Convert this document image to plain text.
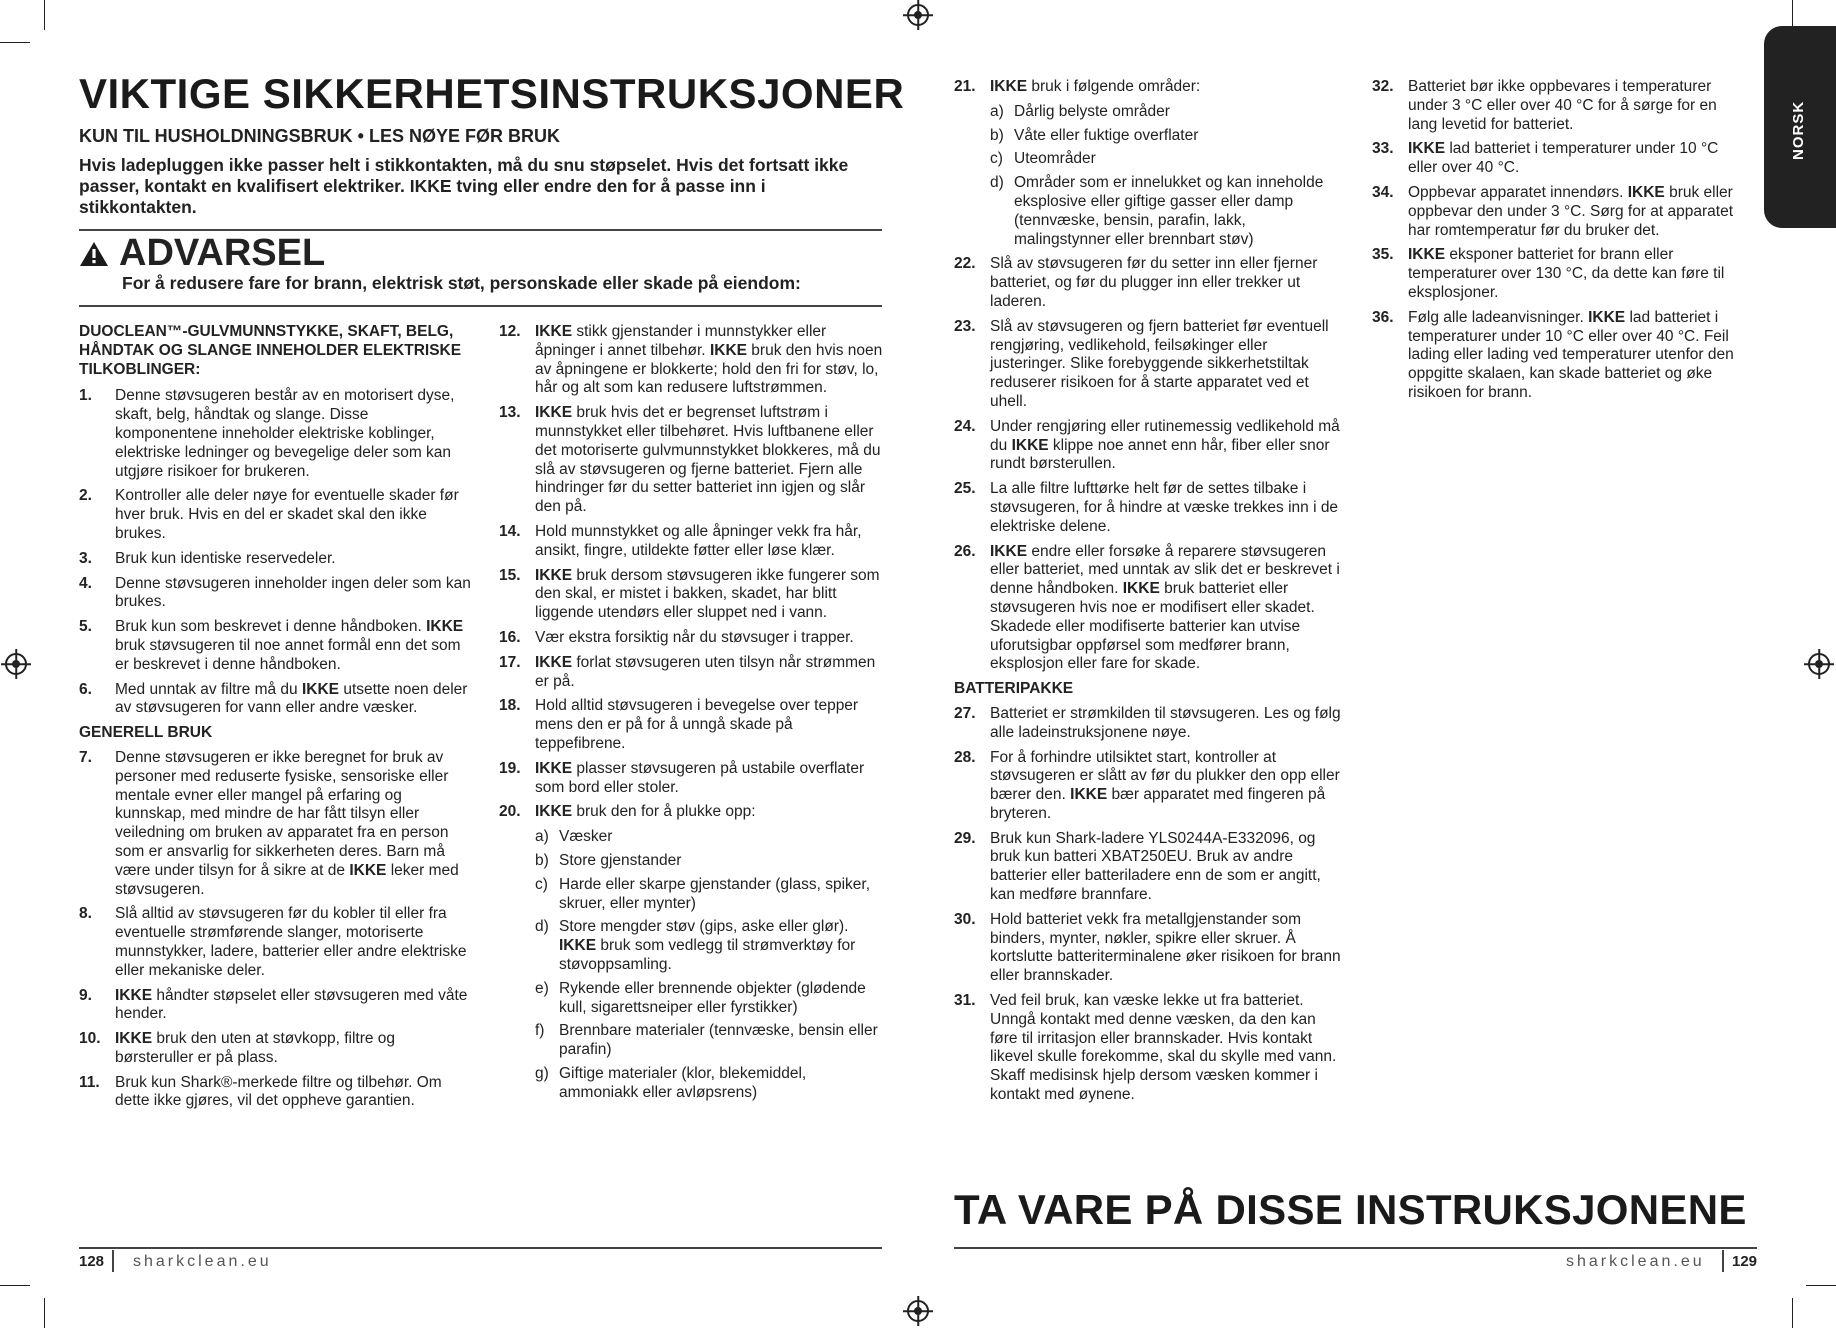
NORSK
VIKTIGE SIKKERHETSINSTRUKSJONER
KUN TIL HUSHOLDNINGSBRUK • LES NØYE FØR BRUK
Hvis ladepluggen ikke passer helt i stikkontakten, må du snu støpselet. Hvis det fortsatt ikke passer, kontakt en kvalifisert elektriker. IKKE tving eller endre den for å passe inn i stikkontakten.
ADVARSEL
For å redusere fare for brann, elektrisk støt, personskade eller skade på eiendom:
DUOCLEAN™-GULVMUNNSTYKKE, SKAFT, BELG, HÅNDTAK OG SLANGE INNEHOLDER ELEKTRISKE TILKOBLINGER:
1.	Denne støvsugeren består av en motorisert dyse, skaft, belg, håndtak og slange. Disse komponentene inneholder elektriske koblinger, elektriske ledninger og bevegelige deler som kan utgjøre risikoer for brukeren.
2.	Kontroller alle deler nøye for eventuelle skader før hver bruk. Hvis en del er skadet skal den ikke brukes.
3.	Bruk kun identiske reservedeler.
4.	Denne støvsugeren inneholder ingen deler som kan brukes.
5.	Bruk kun som beskrevet i denne håndboken. IKKE bruk støvsugeren til noe annet formål enn det som er beskrevet i denne håndboken.
6.	Med unntak av filtre må du IKKE utsette noen deler av støvsugeren for vann eller andre væsker.
GENERELL BRUK
7.	Denne støvsugeren er ikke beregnet for bruk av personer med reduserte fysiske, sensoriske eller mentale evner eller mangel på erfaring og kunnskap, med mindre de har fått tilsyn eller veiledning om bruken av apparatet fra en person som er ansvarlig for sikkerheten deres. Barn må være under tilsyn for å sikre at de IKKE leker med støvsugeren.
8.	Slå alltid av støvsugeren før du kobler til eller fra eventuelle strømførende slanger, motoriserte munnstykker, ladere, batterier eller andre elektriske eller mekaniske deler.
9.	IKKE håndter støpselet eller støvsugeren med våte hender.
10. IKKE bruk den uten at støvkopp, filtre og børsteruller er på plass.
11. Bruk kun Shark®-merkede filtre og tilbehør. Om dette ikke gjøres, vil det oppheve garantien.
12. IKKE stikk gjenstander i munnstykker eller åpninger i annet tilbehør. IKKE bruk den hvis noen av åpningene er blokkerte; hold den fri for støv, lo, hår og alt som kan redusere luftstrømmen.
13. IKKE bruk hvis det er begrenset luftstrøm i munnstykket eller tilbehøret. Hvis luftbanene eller det motoriserte gulvmunnstykket blokkeres, må du slå av støvsugeren og fjerne batteriet. Fjern alle hindringer før du setter batteriet inn igjen og slår den på.
14. Hold munnstykket og alle åpninger vekk fra hår, ansikt, fingre, utildekte føtter eller løse klær.
15. IKKE bruk dersom støvsugeren ikke fungerer som den skal, er mistet i bakken, skadet, har blitt liggende utendørs eller sluppet ned i vann.
16. Vær ekstra forsiktig når du støvsuger i trapper.
17. IKKE forlat støvsugeren uten tilsyn når strømmen er på.
18. Hold alltid støvsugeren i bevegelse over tepper mens den er på for å unngå skade på teppefibrene.
19. IKKE plasser støvsugeren på ustabile overflater som bord eller stoler.
20. IKKE bruk den for å plukke opp:
a) Væsker
b) Store gjenstander
c) Harde eller skarpe gjenstander (glass, spiker, skruer, eller mynter)
d) Store mengder støv (gips, aske eller glør). IKKE bruk som vedlegg til strømverktøy for støvoppsamling.
e) Rykende eller brennende objekter (glødende kull, sigarettsneiper eller fyrstikker)
f) Brennbare materialer (tennvæske, bensin eller parafin)
g) Giftige materialer (klor, blekemiddel, ammoniakk eller avløpsrens)
21. IKKE bruk i følgende områder:
a) Dårlig belyste områder
b) Våte eller fuktige overflater
c) Uteområder
d) Områder som er innelukket og kan inneholde eksplosive eller giftige gasser eller damp (tennvæske, bensin, parafin, lakk, malingstynner eller brennbart støv)
22. Slå av støvsugeren før du setter inn eller fjerner batteriet, og før du plugger inn eller trekker ut laderen.
23. Slå av støvsugeren og fjern batteriet før eventuell rengjøring, vedlikehold, feilsøkinger eller justeringer. Slike forebyggende sikkerhetstiltak reduserer risikoen for å starte apparatet ved et uhell.
24. Under rengjøring eller rutinemessig vedlikehold må du IKKE klippe noe annet enn hår, fiber eller snor rundt børsterullen.
25. La alle filtre lufttørke helt før de settes tilbake i støvsugeren, for å hindre at væske trekkes inn i de elektriske delene.
26. IKKE endre eller forsøke å reparere støvsugeren eller batteriet, med unntak av slik det er beskrevet i denne håndboken. IKKE bruk batteriet eller støvsugeren hvis noe er modifisert eller skadet. Skadede eller modifiserte batterier kan utvise uforutsigbar oppførsel som medfører brann, eksplosjon eller fare for skade.
BATTERIPAKKE
27. Batteriet er strømkilden til støvsugeren. Les og følg alle ladeinstruksjonene nøye.
28. For å forhindre utilsiktet start, kontroller at støvsugeren er slått av før du plukker den opp eller bærer den. IKKE bær apparatet med fingeren på bryteren.
29. Bruk kun Shark-ladere YLS0244A-E332096, og bruk kun batteri XBAT250EU. Bruk av andre batterier eller batteriladere enn de som er angitt, kan medføre brannfare.
30. Hold batteriet vekk fra metallgjenstander som binders, mynter, nøkler, spikre eller skruer. Å kortslutte batteriterminalene øker risikoen for brann eller brannskader.
31. Ved feil bruk, kan væske lekke ut fra batteriet. Unngå kontakt med denne væsken, da den kan føre til irritasjon eller brannskader. Hvis kontakt likevel skulle forekomme, skal du skylle med vann. Skaff medisinsk hjelp dersom væsken kommer i kontakt med øynene.
32. Batteriet bør ikke oppbevares i temperaturer under 3 °C eller over 40 °C for å sørge for en lang levetid for batteriet.
33. IKKE lad batteriet i temperaturer under 10 °C eller over 40 °C.
34. Oppbevar apparatet innendørs. IKKE bruk eller oppbevar den under 3 °C. Sørg for at apparatet har romtemperatur før du bruker det.
35. IKKE eksponer batteriet for brann eller temperaturer over 130 °C, da dette kan føre til eksplosjoner.
36. Følg alle ladeanvisninger. IKKE lad batteriet i temperaturer under 10 °C eller over 40 °C. Feil lading eller lading ved temperaturer utenfor den oppgitte skalaen, kan skade batteriet og øke risikoen for brann.
TA VARE PÅ DISSE INSTRUKSJONENE
128 sharkclean.eu	sharkclean.eu 129
